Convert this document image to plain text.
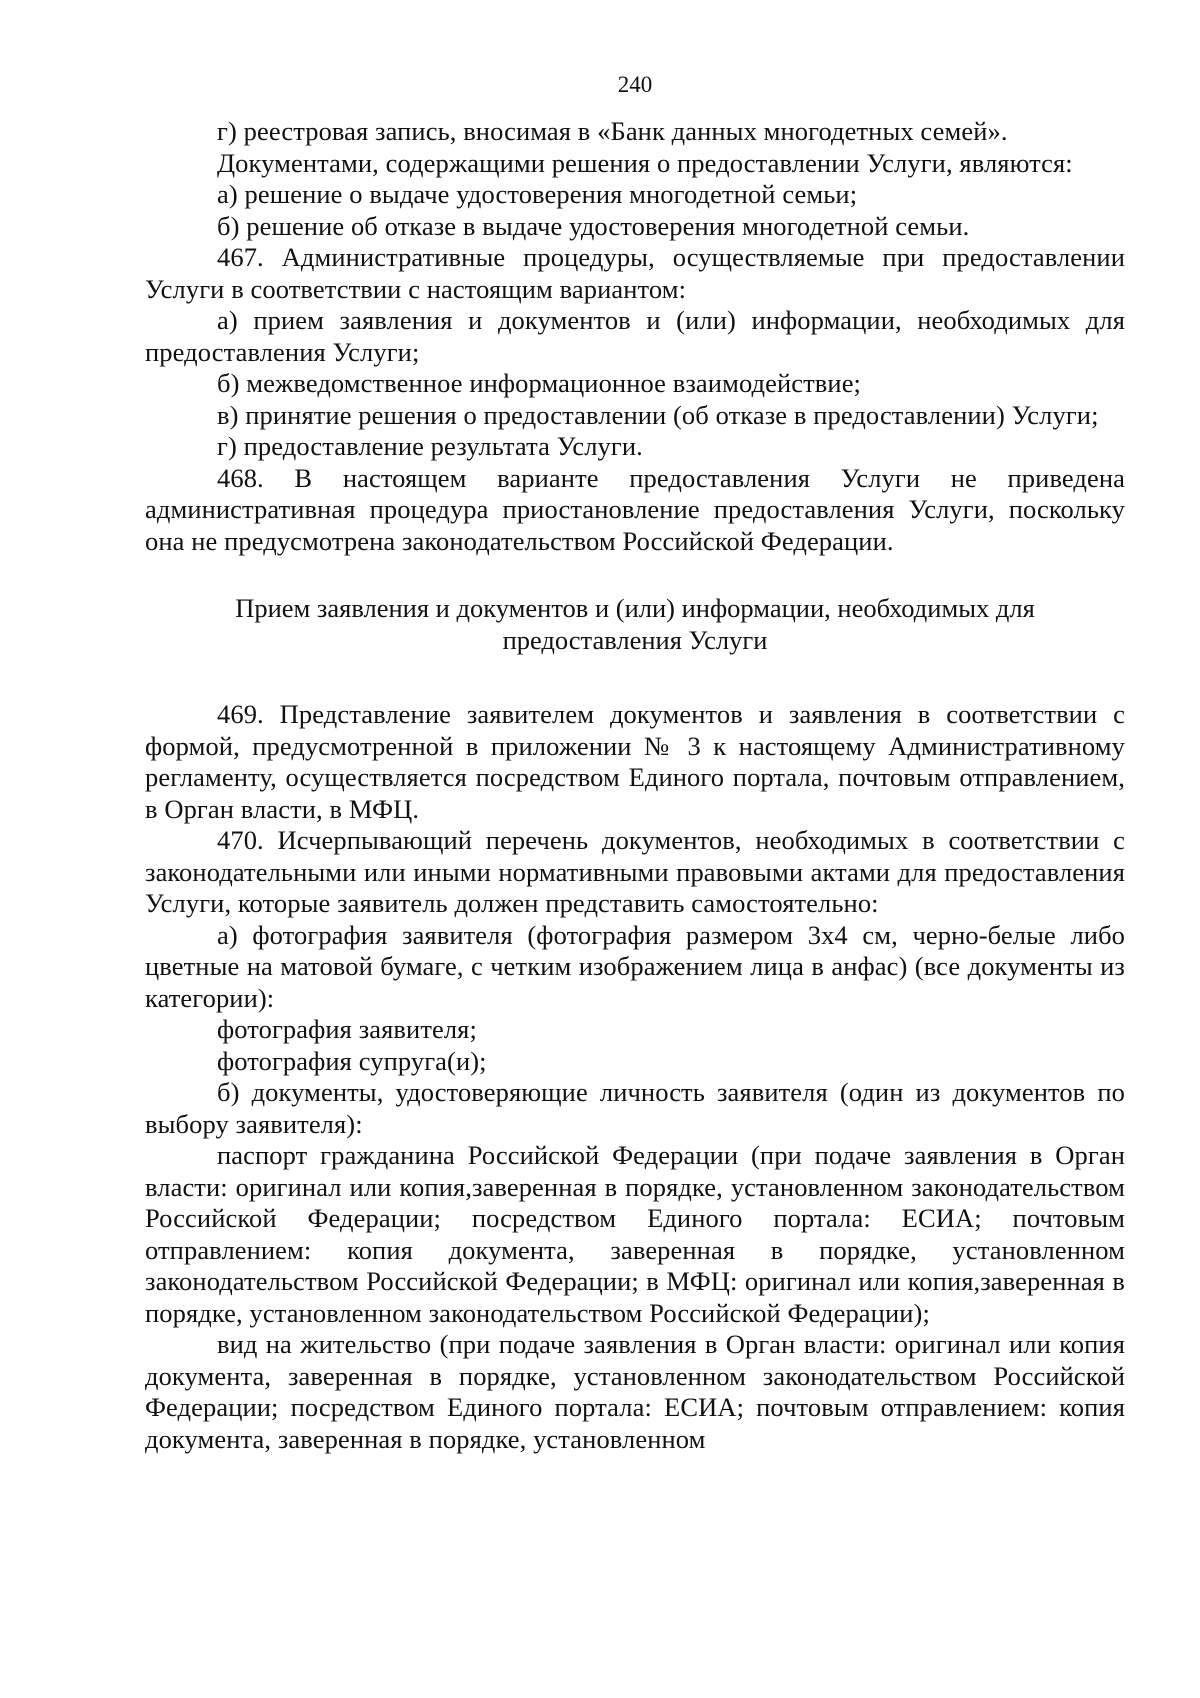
240

г) реестровая запись, вносимая в «Банк данных многодетных семей».

Документами, содержащими решения о предоставлении Услуги, являются:

а) решение о выдаче удостоверения многодетной семьи;

б) решение об отказе в выдаче удостоверения многодетной семьи.

467. Административные процедуры, осуществляемые при предоставлении Услуги в соответствии с настоящим вариантом:

а) прием заявления и документов и (или) информации, необходимых для предоставления Услуги;

б) межведомственное информационное взаимодействие;

в) принятие решения о предоставлении (об отказе в предоставлении) Услуги;

г) предоставление результата Услуги.

468. В настоящем варианте предоставления Услуги не приведена административная процедура приостановление предоставления Услуги, поскольку она не предусмотрена законодательством Российской Федерации.

Прием заявления и документов и (или) информации, необходимых для предоставления Услуги

469. Представление заявителем документов и заявления в соответствии с формой, предусмотренной в приложении № 3 к настоящему Административному регламенту, осуществляется посредством Единого портала, почтовым отправлением, в Орган власти, в МФЦ.

470. Исчерпывающий перечень документов, необходимых в соответствии с законодательными или иными нормативными правовыми актами для предоставления Услуги, которые заявитель должен представить самостоятельно:

а) фотография заявителя (фотография размером 3х4 см, черно-белые либо цветные на матовой бумаге, с четким изображением лица в анфас) (все документы из категории):

фотография заявителя;

фотография супруга(и);

б) документы, удостоверяющие личность заявителя (один из документов по выбору заявителя):

паспорт гражданина Российской Федерации (при подаче заявления в Орган власти: оригинал или копия,заверенная в порядке, установленном законодательством Российской Федерации; посредством Единого портала: ЕСИА; почтовым отправлением: копия документа, заверенная в порядке, установленном законодательством Российской Федерации; в МФЦ: оригинал или копия,заверенная в порядке, установленном законодательством Российской Федерации);

вид на жительство (при подаче заявления в Орган власти: оригинал или копия документа, заверенная в порядке, установленном законодательством Российской Федерации; посредством Единого портала: ЕСИА; почтовым отправлением: копия документа, заверенная в порядке, установленном
